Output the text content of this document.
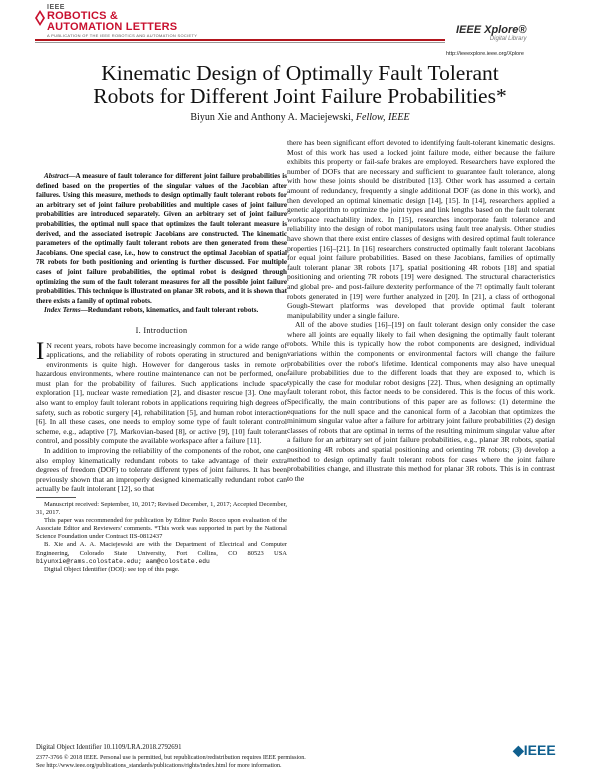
IEEE
ROBOTICS &
AUTOMATION LETTERS
A PUBLICATION OF THE IEEE ROBOTICS AND AUTOMATION SOCIETY	IEEE Xplore®
Digital Library
http://ieeexplore.ieee.org/Xplore
Kinematic Design of Optimally Fault Tolerant
Robots for Different Joint Failure Probabilities*
Biyun Xie and Anthony A. Maciejewski, Fellow, IEEE

Abstract—A measure of fault tolerance for different joint failure probabilities is defined based on the properties of the singular values of the Jacobian after failures. Using this measure, methods to design optimally fault tolerant robots for an arbitrary set of joint failure probabilities and multiple cases of joint failure probabilities are introduced separately. Given an arbitrary set of joint failure probabilities, the optimal null space that optimizes the fault tolerant measure is derived, and the associated isotropic Jacobians are constructed. The kinematic parameters of the optimally fault tolerant robots are then generated from these Jacobians. One special case, i.e., how to construct the optimal Jacobian of spatial 7R robots for both positioning and orienting is further discussed. For multiple cases of joint failure probabilities, the optimal robot is designed through optimizing the sum of the fault tolerant measures for all the possible joint failure probabilities. This technique is illustrated on planar 3R robots, and it is shown that there exists a family of optimal robots.

Index Terms—Redundant robots, kinematics, and fault tolerant robots.

I. Introduction

I N recent years, robots have become increasingly common for a wide range of applications, and the reliability of robots operating in structured and benign environments is quite high. However for dangerous tasks in remote or hazardous environments, where routine maintenance can not be performed, one must plan for the probability of failures. Such applications include space exploration [1], nuclear waste remediation [2], and disaster rescue [3]. One may also want to employ fault tolerant robots in applications requiring high degrees of safety, such as robotic surgery [4], rehabilitation [5], and human robot interaction [6]. In all these cases, one needs to employ some type of fault tolerant control scheme, e.g., adaptive [7], Markovian-based [8], or active [9], [10] fault tolerant control, and possibly compute the available workspace after a failure [11].

In addition to improving the reliability of the components of the robot, one can also employ kinematically redundant robots to take advantage of their extra degrees of freedom (DOF) to tolerate different types of joint failures. It has been previously shown that an improperly designed kinematically redundant robot can actually be fault intolerant [12], so that

Manuscript received: September, 10, 2017; Revised December, 1, 2017; Accepted December, 31, 2017.

This paper was recommended for publication by Editor Paolo Rocco upon evaluation of the Associate Editor and Reviewers' comments. *This work was supported in part by the National Science Foundation under Contract IIS-0812437

B. Xie and A. A. Maciejewski are with the Department of Electrical and Computer Engineering, Colorado State University, Fort Collins, CO 80523 USA biyunxie@rams.colostate.edu; aam@colostate.edu

Digital Object Identifier (DOI): see top of this page.

there has been significant effort devoted to identifying fault-tolerant kinematic designs. Most of this work has used a locked joint failure mode, either because the failure exhibits this property or fail-safe brakes are employed. Researchers have explored the number of DOFs that are necessary and sufficient to guarantee fault tolerance, along with how these joints should be distributed [13]. Other work has assumed a certain amount of redundancy, frequently a single additional DOF (as done in this work), and then developed an optimal kinematic design [14], [15]. In [14], researchers applied a genetic algorithm to optimize the joint types and link lengths based on the fault tolerant workspace reachability index. In [15], researches incorporate fault tolerance and reliability into the design of robot manipulators using fault tree analysis. Other studies have shown that there exist entire classes of designs with desired optimal fault tolerance properties [16]–[21]. In [16] researchers constructed optimally fault tolerant Jacobians for equal joint failure probabilities. Based on these Jacobians, families of optimally fault tolerant planar 3R robots [17], spatial positioning 4R robots [18] and spatial positioning and orienting 7R robots [19] were designed. The structural characteristics and global pre- and post-failure dexterity performance of the 7! optimally fault tolerant robots generated in [19] were further analyzed in [20]. In [21], a class of orthogonal Gough-Stewart platforms was developed that provide optimal fault tolerant manipulability under a single failure.

All of the above studies [16]–[19] on fault tolerant design only consider the case where all joints are equally likely to fail when designing the optimally fault tolerant robots. While this is typically how the robot components are designed, individual variations within the components or environmental factors will change the failure probabilities over the robot's lifetime. Identical components may also have unequal failure probabilities due to the different loads that they are exposed to, which is typically the case for modular robot designs [22]. Thus, when designing an optimally fault tolerant robot, this factor needs to be considered. This is the focus of this work. Specifically, the main contributions of this paper are as follows: (1) determine the equations for the null space and the canonical form of a Jacobian that optimizes the minimum singular value after a failure for arbitrary joint failure probabilities (2) design classes of robots that are optimal in terms of the resulting minimum singular value after a failure for an arbitrary set of joint failure probabilities, e.g., planar 3R robots, spatial positioning 4R robots and spatial positioning and orienting 7R robots; (3) develop a method to design optimally fault tolerant robots for cases where the joint failure probabilities change, and illustrate this method for planar 3R robots. This is in contrast to the

Digital Object Identifier 10.1109/LRA.2018.2792691
2377-3766 © 2018 IEEE. Personal use is permitted, but republication/redistribution requires IEEE permission.
See http://www.ieee.org/publications_standards/publications/rights/index.html for more information.
◆IEEE
